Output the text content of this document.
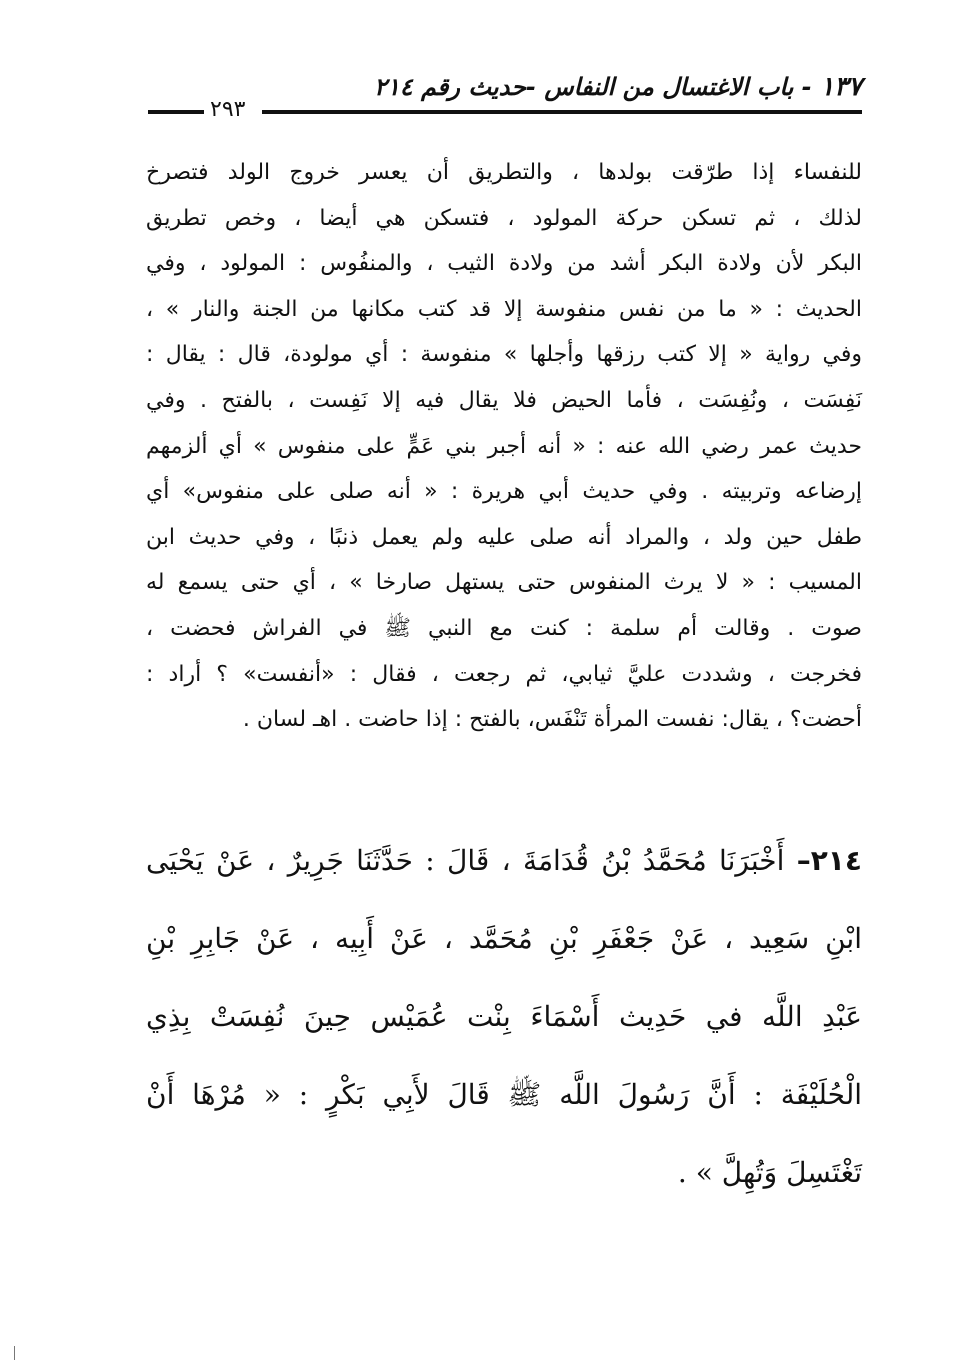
١٣٧ - باب الاغتسال من النفاس -حديث رقم ٢١٤
٢٩٣
للنفساء إذا طرّقت بولدها ، والتطريق أن يعسر خروج الولد فتصرخ
لذلك ، ثم تسكن حركة المولود ، فتسكن هي أيضا ، وخص تطريق
البكر لأن ولادة البكر أشد من ولادة الثيب ، والمنفُوس : المولود ، وفي
الحديث : « ما من نفس منفوسة إلا قد كتب مكانها من الجنة والنار » ،
وفي رواية « إلا كتب رزقها وأجلها » منفوسة : أي مولودة، قال : يقال :
نَفِسَت ، ونُفِسَت ، فأما الحيض فلا يقال فيه إلا نَفِست ، بالفتح . وفي
حديث عمر رضي الله عنه : « أنه أجبر بني عَمٍّ على منفوس » أي ألزمهم
إرضاعه وتربيته . وفي حديث أبي هريرة : « أنه صلى على منفوس» أي
طفل حين ولد ، والمراد أنه صلى عليه ولم يعمل ذنبًا ، وفي حديث ابن
المسيب : « لا يرث المنفوس حتى يستهل صارخا » ، أي حتى يسمع له
صوت . وقالت أم سلمة : كنت مع النبي ﷺ في الفراش فحضت ،
فخرجت ، وشددت عليَّ ثيابي، ثم رجعت ، فقال : «أنفست» ؟ أراد :
أحضت؟ ، يقال: نفست المرأة تَنْفَس، بالفتح : إذا حاضت . اهـ لسان .
٢١٤– أَخْبَرَنَا مُحَمَّدُ بْنُ قُدَامَةَ ، قَالَ : حَدَّثَنَا جَرِيرٌ ، عَنْ يَحْيَى
ابْنِ سَعِيد ، عَنْ جَعْفَرِ بْنِ مُحَمَّد ، عَنْ أَبِيه ، عَنْ جَابِرِ بْنِ
عَبْدِ اللَّه في حَدِيث أَسْمَاءَ بِنْت عُمَيْس حِينَ نُفِسَتْ بِذِي
الْحُلَيْفَة : أَنَّ رَسُولَ اللَّه ﷺ قَالَ لأَبِي بَكْرٍ : « مُرْهَا أَنْ
تَغْتَسِلَ وَتُهِلَّ » .
